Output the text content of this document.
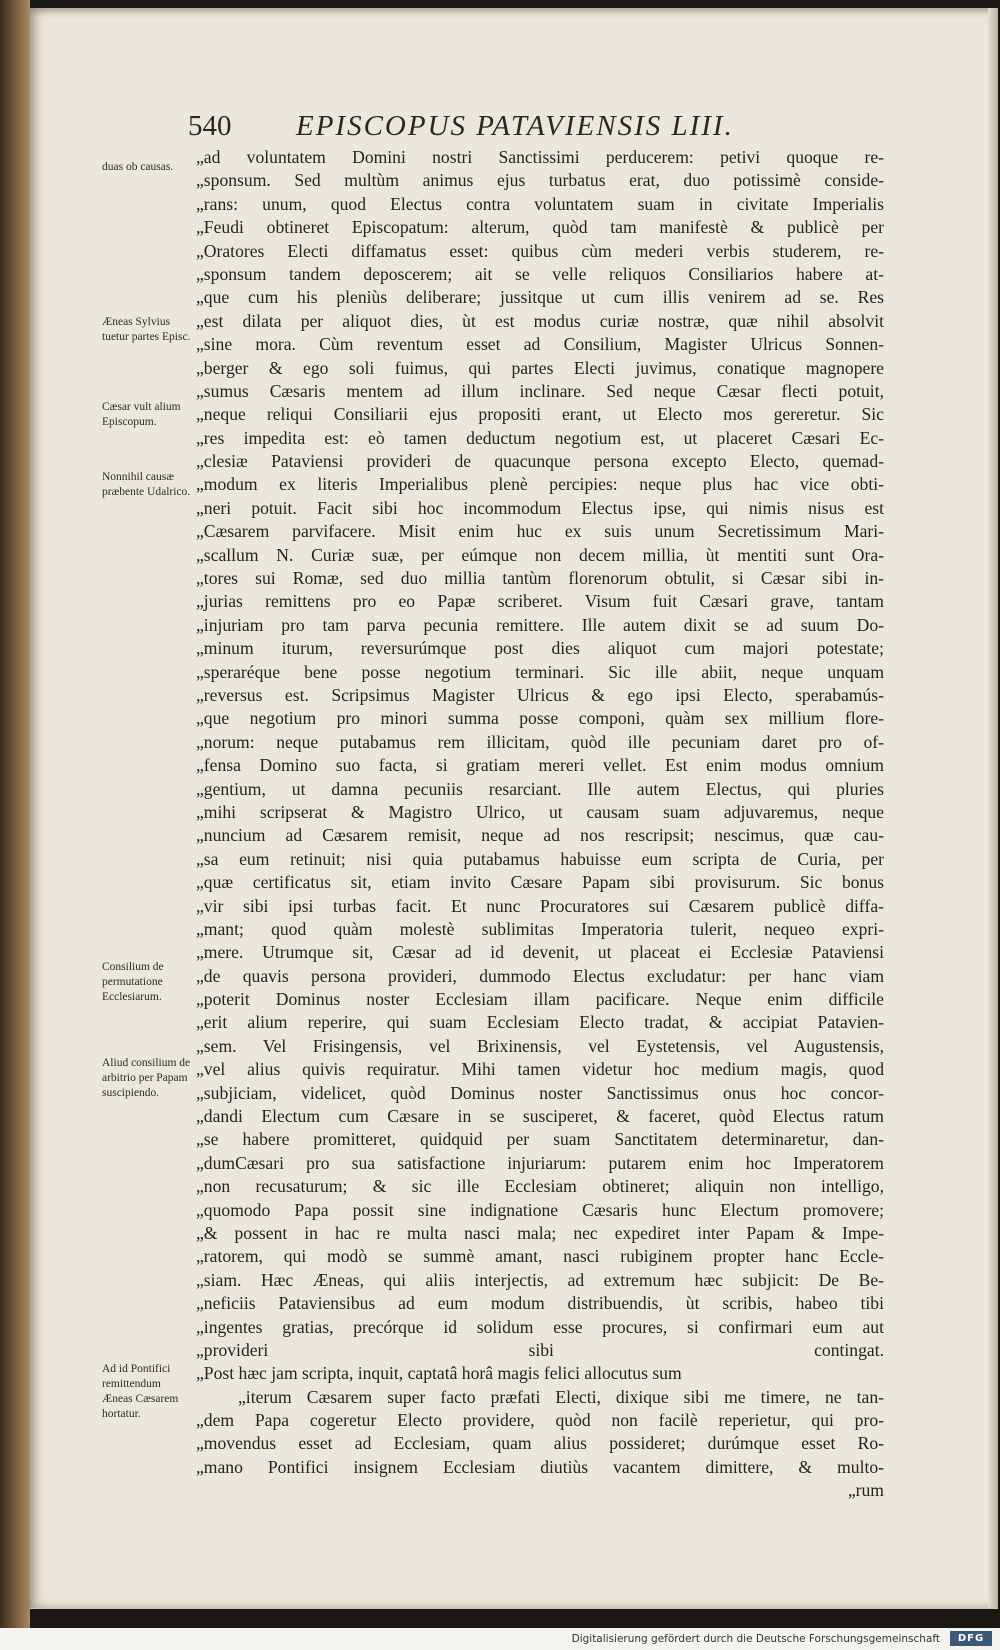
540 EPISCOPUS PATAVIENSIS LIII.
duas ob causas.
Æneas Sylvius tuetur partes Episc.
Cæsar vult alium Episcopum.
Nonnihil causæ præbente Udalrico.
Consilium de permutatione Ecclesiarum.
Aliud consilium de arbitrio per Papam suscipiendo.
Ad id Pontifici remittendum Æneas Cæsarem hortatur.
„ad voluntatem Domini nostri Sanctissimi perducerem: petivi quoque re-
„sponsum. Sed multùm animus ejus turbatus erat, duo potissimè conside-
„rans: unum, quod Electus contra voluntatem suam in civitate Imperialis
„Feudi obtineret Episcopatum: alterum, quòd tam manifestè & publicè per
„Oratores Electi diffamatus esset: quibus cùm mederi verbis studerem, re-
„sponsum tandem deposcerem; ait se velle reliquos Consiliarios habere at-
„que cum his pleniùs deliberare; jussitque ut cum illis venirem ad se. Res
„est dilata per aliquot dies, ùt est modus curiæ nostræ, quæ nihil absolvit
„sine mora. Cùm reventum esset ad Consilium, Magister Ulricus Sonnen-
„berger & ego soli fuimus, qui partes Electi juvimus, conatique magnopere
„sumus Cæsaris mentem ad illum inclinare. Sed neque Cæsar flecti potuit,
„neque reliqui Consiliarii ejus propositi erant, ut Electo mos gereretur. Sic
„res impedita est: eò tamen deductum negotium est, ut placeret Cæsari Ec-
„clesiæ Pataviensi provideri de quacunque persona excepto Electo, quemad-
„modum ex literis Imperialibus plenè percipies: neque plus hac vice obti-
„neri potuit. Facit sibi hoc incommodum Electus ipse, qui nimis nisus est
„Cæsarem parvifacere. Misit enim huc ex suis unum Secretissimum Mari-
„scallum N. Curiæ suæ, per eúmque non decem millia, ùt mentiti sunt Ora-
„tores sui Romæ, sed duo millia tantùm florenorum obtulit, si Cæsar sibi in-
„jurias remittens pro eo Papæ scriberet. Visum fuit Cæsari grave, tantam
„injuriam pro tam parva pecunia remittere. Ille autem dixit se ad suum Do-
„minum iturum, reversurúmque post dies aliquot cum majori potestate;
„speraréque bene posse negotium terminari. Sic ille abiit, neque unquam
„reversus est. Scripsimus Magister Ulricus & ego ipsi Electo, sperabamús-
„que negotium pro minori summa posse componi, quàm sex millium flore-
„norum: neque putabamus rem illicitam, quòd ille pecuniam daret pro of-
„fensa Domino suo facta, si gratiam mereri vellet. Est enim modus omnium
„gentium, ut damna pecuniis resarciant. Ille autem Electus, qui pluries
„mihi scripserat & Magistro Ulrico, ut causam suam adjuvaremus, neque
„nuncium ad Cæsarem remisit, neque ad nos rescripsit; nescimus, quæ cau-
„sa eum retinuit; nisi quia putabamus habuisse eum scripta de Curia, per
„quæ certificatus sit, etiam invito Cæsare Papam sibi provisurum. Sic bonus
„vir sibi ipsi turbas facit. Et nunc Procuratores sui Cæsarem publicè diffa-
„mant; quod quàm molestè sublimitas Imperatoria tulerit, nequeo expri-
„mere. Utrumque sit, Cæsar ad id devenit, ut placeat ei Ecclesiæ Pataviensi
„de quavis persona provideri, dummodo Electus excludatur: per hanc viam
„poterit Dominus noster Ecclesiam illam pacificare. Neque enim difficile
„erit alium reperire, qui suam Ecclesiam Electo tradat, & accipiat Patavien-
„sem. Vel Frisingensis, vel Brixinensis, vel Eystetensis, vel Augustensis,
„vel alius quivis requiratur. Mihi tamen videtur hoc medium magis, quod
„subjiciam, videlicet, quòd Dominus noster Sanctissimus onus hoc concor-
„dandi Electum cum Cæsare in se susciperet, & faceret, quòd Electus ratum
„se habere promitteret, quidquid per suam Sanctitatem determinaretur, dan-
„dumCæsari pro sua satisfactione injuriarum: putarem enim hoc Imperatorem
„non recusaturum; & sic ille Ecclesiam obtineret; aliquin non intelligo,
„quomodo Papa possit sine indignatione Cæsaris hunc Electum promovere;
„& possent in hac re multa nasci mala; nec expediret inter Papam & Impe-
„ratorem, qui modò se summè amant, nasci rubiginem propter hanc Eccle-
„siam. Hæc Æneas, qui aliis interjectis, ad extremum hæc subjicit: De Be-
„neficiis Pataviensibus ad eum modum distribuendis, ùt scribis, habeo tibi
„ingentes gratias, precórque id solidum esse procures, si confirmari eum aut
„provideri sibi contingat.
„Post hæc jam scripta, inquit, captatâ horâ magis felici allocutus sum
„iterum Cæsarem super facto præfati Electi, dixique sibi me timere, ne tan-
„dem Papa cogeretur Electo providere, quòd non facilè reperietur, qui pro-
„movendus esset ad Ecclesiam, quam alius possideret; durúmque esset Ro-
„mano Pontifici insignem Ecclesiam diutiùs vacantem dimittere, & multo-
„rum
Digitalisierung gefördert durch die Deutsche Forschungsgemeinschaft	DFG
